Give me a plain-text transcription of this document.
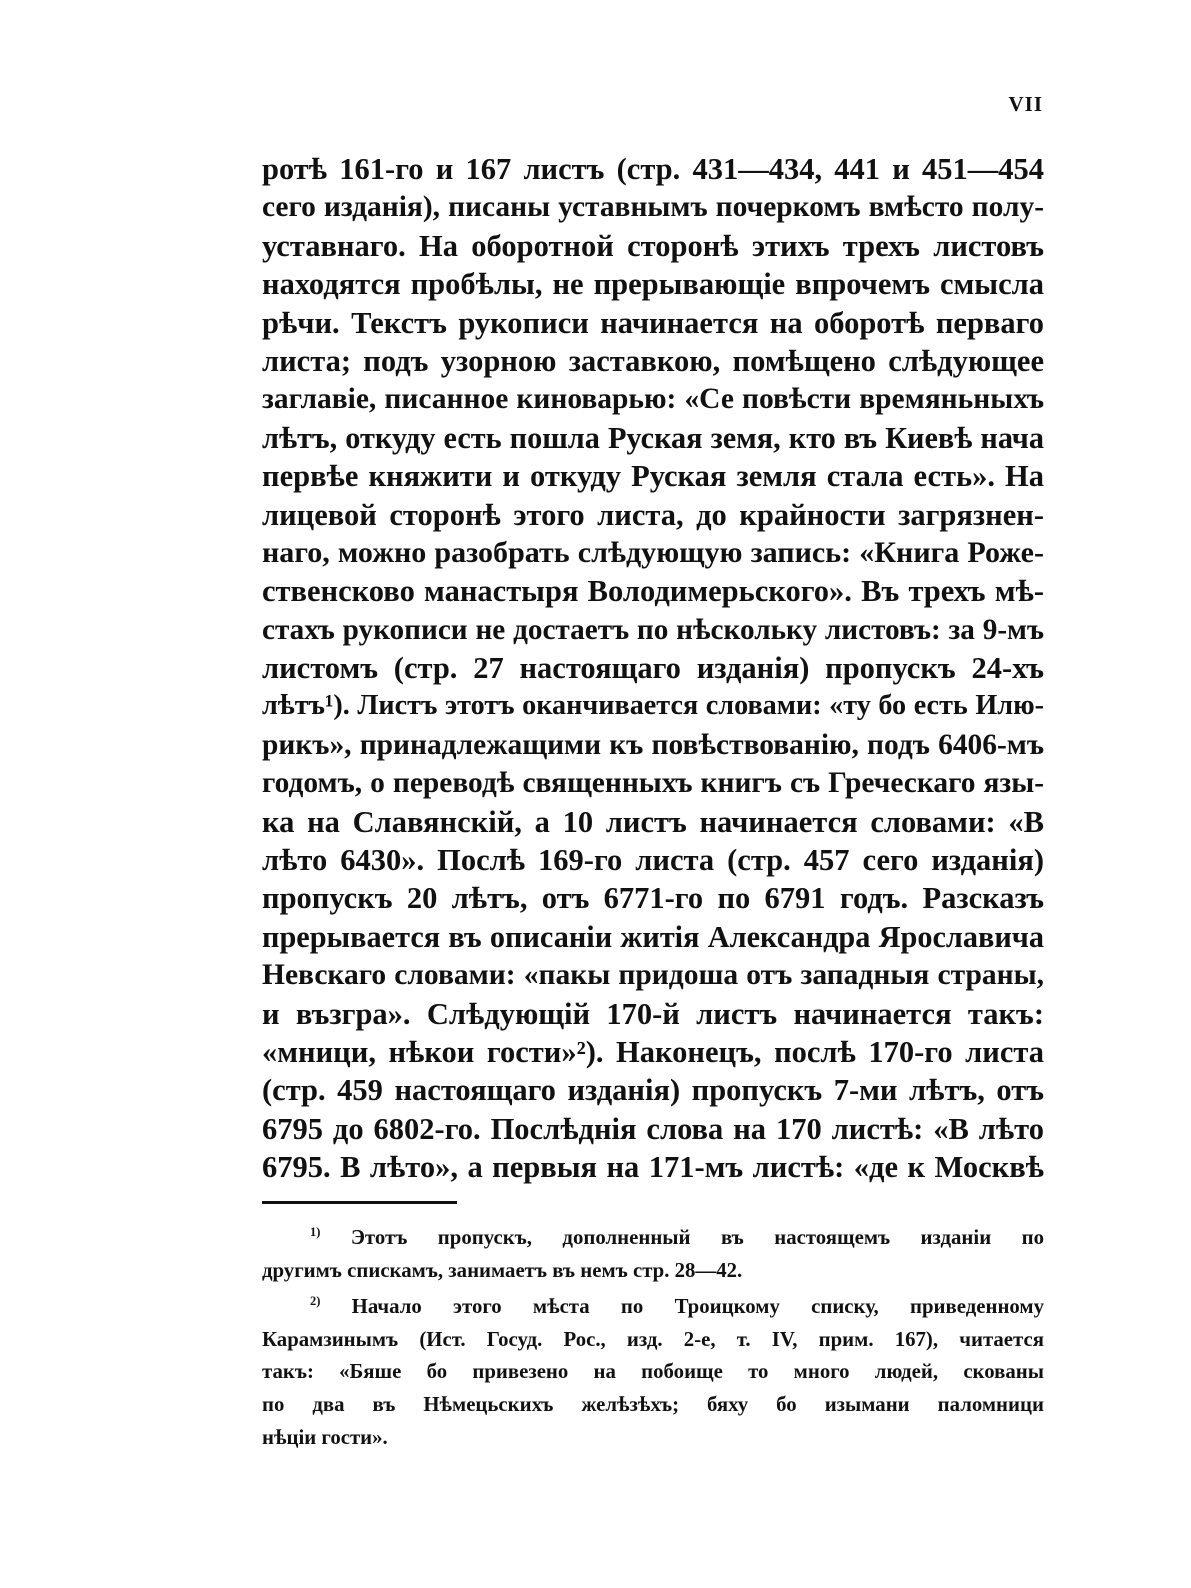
VII
ротѣ 161-го и 167 листъ (стр. 431—434, 441 и 451—454
сего изданія), писаны уставнымъ почеркомъ вмѣсто полу-
уставнаго. На оборотной сторонѣ этихъ трехъ листовъ
находятся пробѣлы, не прерывающіе впрочемъ смысла
рѣчи. Текстъ рукописи начинается на оборотѣ перваго
листа; подъ узорною заставкою, помѣщено слѣдующее
заглавіе, писанное киноварью: «Се повѣсти времяньныхъ
лѣтъ, откуду есть пошла Руская земя, кто въ Киевѣ нача
первѣе княжити и откуду Руская земля стала есть». На
лицевой сторонѣ этого листа, до крайности загрязнен-
наго, можно разобрать слѣдующую запись: «Книга Роже-
ственсково манастыря Володимерьского». Въ трехъ мѣ-
стахъ рукописи не достаетъ по нѣскольку листовъ: за 9-мъ
листомъ (стр. 27 настоящаго изданія) пропускъ 24-хъ
лѣтъ¹). Листъ этотъ оканчивается словами: «ту бо есть Илю-
рикъ», принадлежащими къ повѣствованію, подъ 6406-мъ
годомъ, о переводѣ священныхъ книгъ съ Греческаго язы-
ка на Славянскій, а 10 листъ начинается словами: «В
лѣто 6430». Послѣ 169-го листа (стр. 457 сего изданія)
пропускъ 20 лѣтъ, отъ 6771-го по 6791 годъ. Разсказъ
прерывается въ описаніи житія Александра Ярославича
Невскаго словами: «пакы придоша отъ западныя страны,
и възгра». Слѣдующій 170-й листъ начинается такъ:
«мници, нѣкои гости»²). Наконецъ, послѣ 170-го листа
(стр. 459 настоящаго изданія) пропускъ 7-ми лѣтъ, отъ
6795 до 6802-го. Послѣднія слова на 170 листѣ: «В лѣто
6795. В лѣто», а первыя на 171-мъ листѣ: «де к Москвѣ
$^{1)}$ Этотъ пропускъ, дополненный въ настоящемъ изданіи по
другимъ спискамъ, занимаетъ въ немъ стр. 28—42.
$^{2)}$ Начало этого мѣста по Троицкому списку, приведенному
Карамзинымъ (Ист. Госуд. Рос., изд. 2-е, т. IV, прим. 167), читается
такъ: «Бяше бо привезено на побоище то много людей, скованы
по два въ Нѣмецьскихъ желѣзѣхъ; бяху бо изымани паломници
нѣціи гости».
